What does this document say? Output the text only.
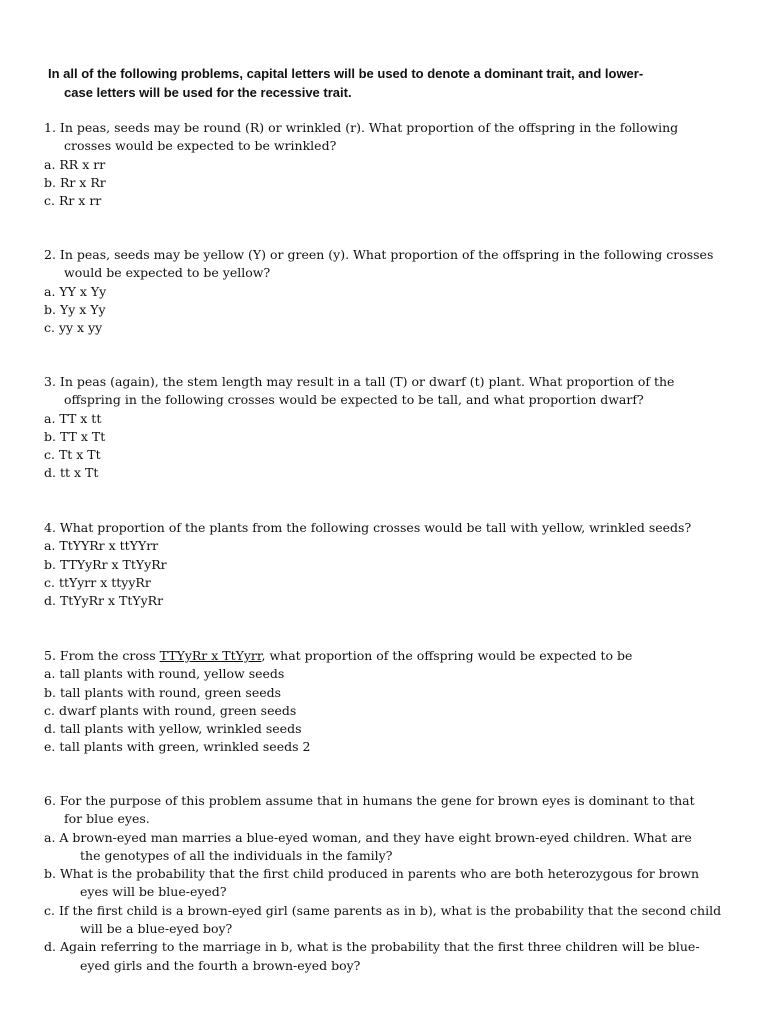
In all of the following problems, capital letters will be used to denote a dominant trait, and lower-
case letters will be used for the recessive trait.
1. In peas, seeds may be round (R) or wrinkled (r). What proportion of the offspring in the following
crosses would be expected to be wrinkled?
a. RR x rr
b. Rr x Rr
c. Rr x rr
2. In peas, seeds may be yellow (Y) or green (y). What proportion of the offspring in the following crosses
would be expected to be yellow?
a. YY x Yy
b. Yy x Yy
c. yy x yy
3. In peas (again), the stem length may result in a tall (T) or dwarf (t) plant. What proportion of the
offspring in the following crosses would be expected to be tall, and what proportion dwarf?
a. TT x tt
b. TT x Tt
c. Tt x Tt
d. tt x Tt
4. What proportion of the plants from the following crosses would be tall with yellow, wrinkled seeds?
a. TtYYRr x ttYYrr
b. TTYyRr x TtYyRr
c. ttYyrr x ttyyRr
d. TtYyRr x TtYyRr
5. From the cross TTYyRr x TtYyrr, what proportion of the offspring would be expected to be
a. tall plants with round, yellow seeds
b. tall plants with round, green seeds
c. dwarf plants with round, green seeds
d. tall plants with yellow, wrinkled seeds
e. tall plants with green, wrinkled seeds 2
6. For the purpose of this problem assume that in humans the gene for brown eyes is dominant to that
for blue eyes.
a. A brown-eyed man marries a blue-eyed woman, and they have eight brown-eyed children. What are
the genotypes of all the individuals in the family?
b. What is the probability that the first child produced in parents who are both heterozygous for brown
eyes will be blue-eyed?
c. If the first child is a brown-eyed girl (same parents as in b), what is the probability that the second child
will be a blue-eyed boy?
d. Again referring to the marriage in b, what is the probability that the first three children will be blue-
eyed girls and the fourth a brown-eyed boy?
